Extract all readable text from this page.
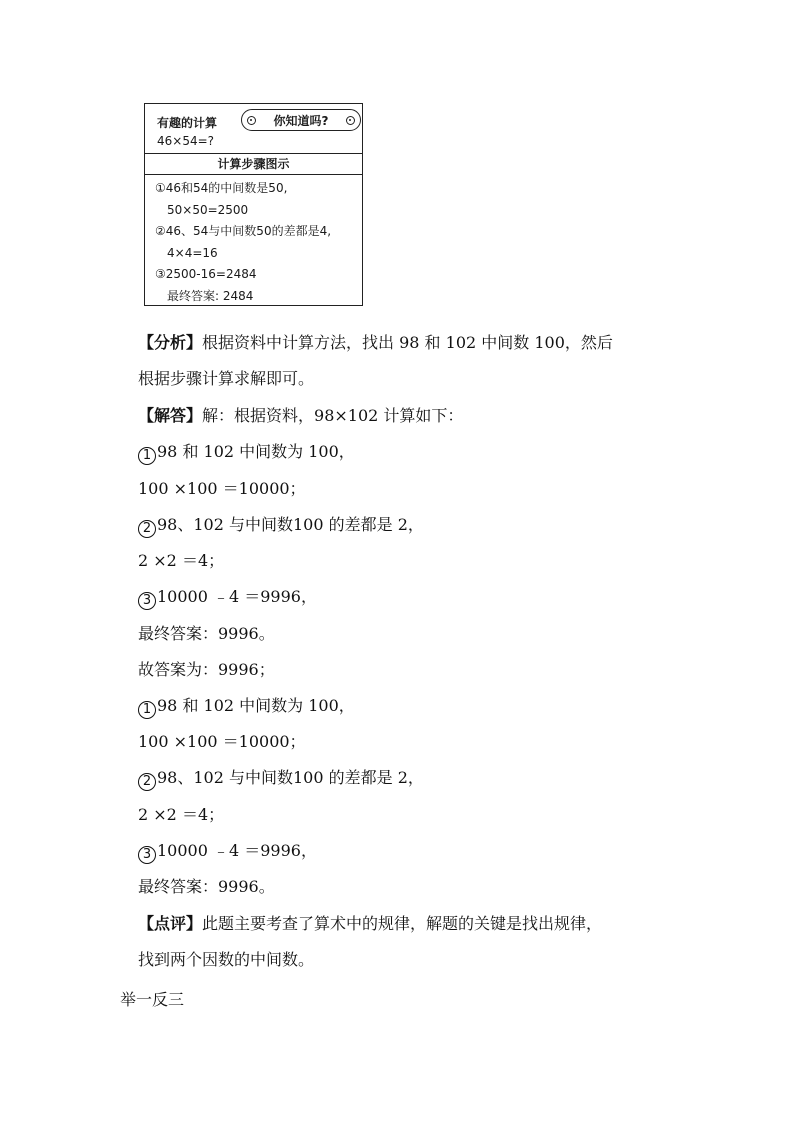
有趣的计算
46×54=?
你知道吗?
计算步骤图示
①46和54的中间数是50,
50×50=2500
②46、54与中间数50的差都是4,
4×4=16
③2500-16=2484
最终答案: 2484
【分析】根据资料中计算方法，找出 98 和 102 中间数 100，然后
根据步骤计算求解即可。
【解答】解：根据资料，98×102 计算如下：
1 98 和 102 中间数为 100，
100 ×100 ＝10000；
2 98、102 与中间数100 的差都是 2，
2 ×2 ＝4；
3 10000 ﹣4 ＝9996，
最终答案：9996。
故答案为：9996；
1 98 和 102 中间数为 100，
100 ×100 ＝10000；
2 98、102 与中间数100 的差都是 2，
2 ×2 ＝4；
3 10000 ﹣4 ＝9996，
最终答案：9996。
【点评】此题主要考查了算术中的规律，解题的关键是找出规律，
找到两个因数的中间数。
举一反三
